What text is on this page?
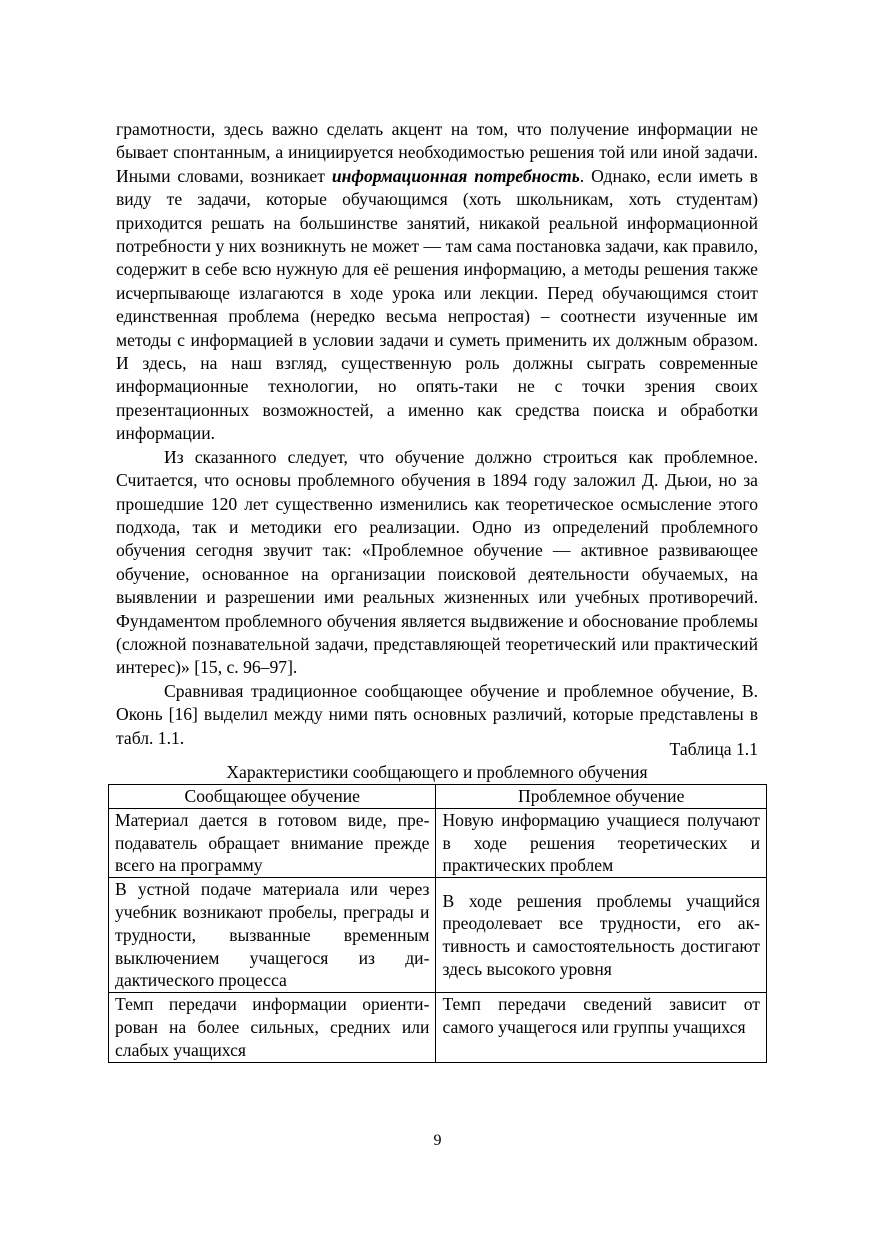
грамотности, здесь важно сделать акцент на том, что получение информации не бывает спонтанным, а инициируется необходимостью решения той или иной задачи. Иными словами, возникает информационная потребность. Однако, если иметь в виду те задачи, которые обучающимся (хоть школьникам, хоть студентам) приходится решать на большинстве занятий, никакой реальной информационной потребности у них возникнуть не может — там сама постановка задачи, как правило, содержит в себе всю нужную для её решения информацию, а методы решения также исчерпывающе излагаются в ходе урока или лекции. Перед обучающимся стоит единственная проблема (нередко весьма непростая) – соотнести изученные им методы с информацией в условии задачи и суметь применить их должным образом. И здесь, на наш взгляд, существенную роль должны сыграть современные информационные технологии, но опять-таки не с точки зрения своих презентационных возможностей, а именно как средства поиска и обработки информации.

Из сказанного следует, что обучение должно строиться как проблемное. Считается, что основы проблемного обучения в 1894 году заложил Д. Дьюи, но за прошедшие 120 лет существенно изменились как теоретическое осмысление этого подхода, так и методики его реализации. Одно из определений проблемного обучения сегодня звучит так: «Проблемное обучение — активное развивающее обучение, основанное на организации поисковой деятельности обучаемых, на выявлении и разрешении ими реальных жизненных или учебных противоречий. Фундаментом проблемного обучения является выдвижение и обоснование проблемы (сложной познавательной задачи, представляющей теоретический или практический интерес)» [15, с. 96–97].

Сравнивая традиционное сообщающее обучение и проблемное обучение, В. Оконь [16] выделил между ними пять основных различий, которые представлены в табл. 1.1.

Таблица 1.1
Характеристики сообщающего и проблемного обучения
Сообщающее обучение	Проблемное обучение
Материал дается в готовом виде, преподаватель обращает внимание прежде всего на программу	Новую информацию учащиеся получают в ходе решения теоретических и практических проблем
В устной подаче материала или через учебник возникают пробелы, преграды и трудности, вызванные временным выключением учащегося из дидактического процесса	В ходе решения проблемы учащийся преодолевает все трудности, его активность и самостоятельность достигают здесь высокого уровня
Темп передачи информации ориентирован на более сильных, средних или слабых учащихся	Темп передачи сведений зависит от самого учащегося или группы учащихся
9
